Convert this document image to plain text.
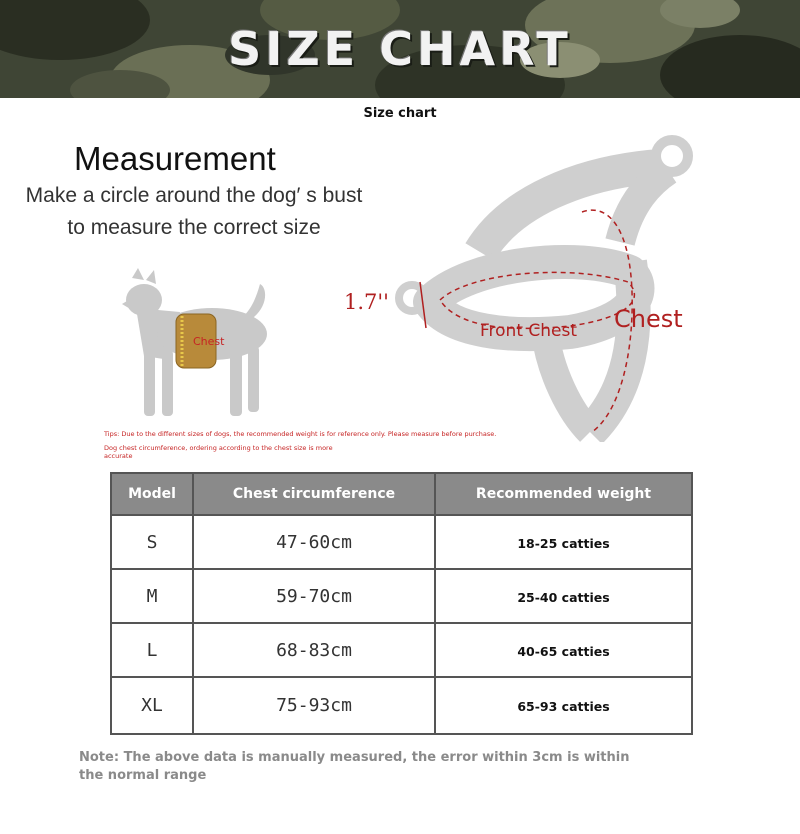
SIZE CHART
Size chart
Measurement
Make a circle around the dog′ s bust
to measure the correct size
Chest
1.7''
Front Chest Chest
Tips: Due to the different sizes of dogs, the recommended weight is for reference only. Please measure before purchase.
Dog chest circumference, ordering according to the chest size is more accurate
Model	Chest circumference	Recommended weight
S	47-60cm	18-25 catties
M	59-70cm	25-40 catties
L	68-83cm	40-65 catties
XL	75-93cm	65-93 catties
Note: The above data is manually measured, the error within 3cm is within the normal range
